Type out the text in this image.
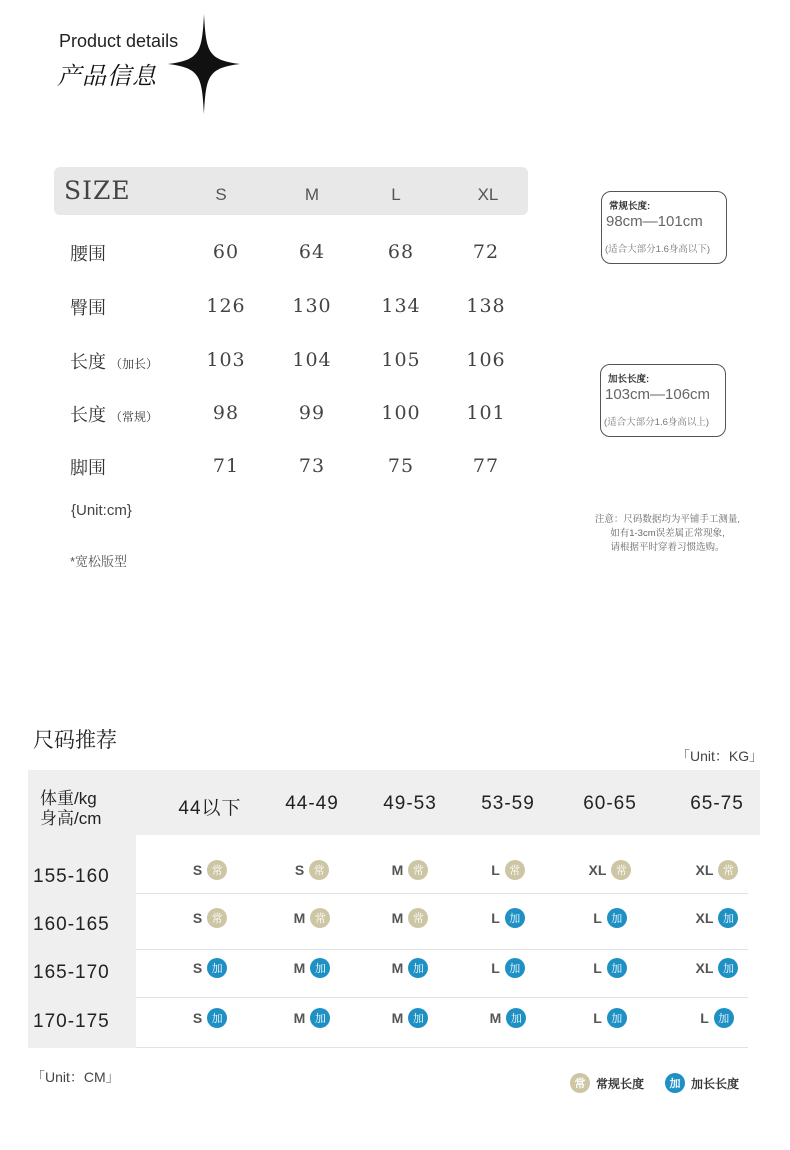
Product details
产品信息
SIZE	S	M	L	XL
腰围	60	64	68	72
臀围	126	130	134	138
长度 （加长）	103	104	105	106
长度 （常规）	98	99	100	101
脚围	71	73	75	77
{Unit:cm}
*宽松版型
常规长度:
98cm—101cm
(适合大部分1.6身高以下)
加长长度:
103cm—106cm
(适合大部分1.6身高以上)
注意：尺码数据均为平铺手工测量,
如有1-3cm误差属正常现象,
请根据平时穿着习惯选购。
尺码推荐
「Unit：KG」
体重/kg
身高/cm	44以下	44-49	49-53	53-59	60-65	65-75
155-160	S 常	S 常	M 常	L 常	XL 常	XL 常
160-165	S 常	M 常	M 常	L 加	L 加	XL 加
165-170	S 加	M 加	M 加	L 加	L 加	XL 加
170-175	S 加	M 加	M 加	M 加	L 加	L 加
「Unit：CM」	常 常规长度	加 加长长度
